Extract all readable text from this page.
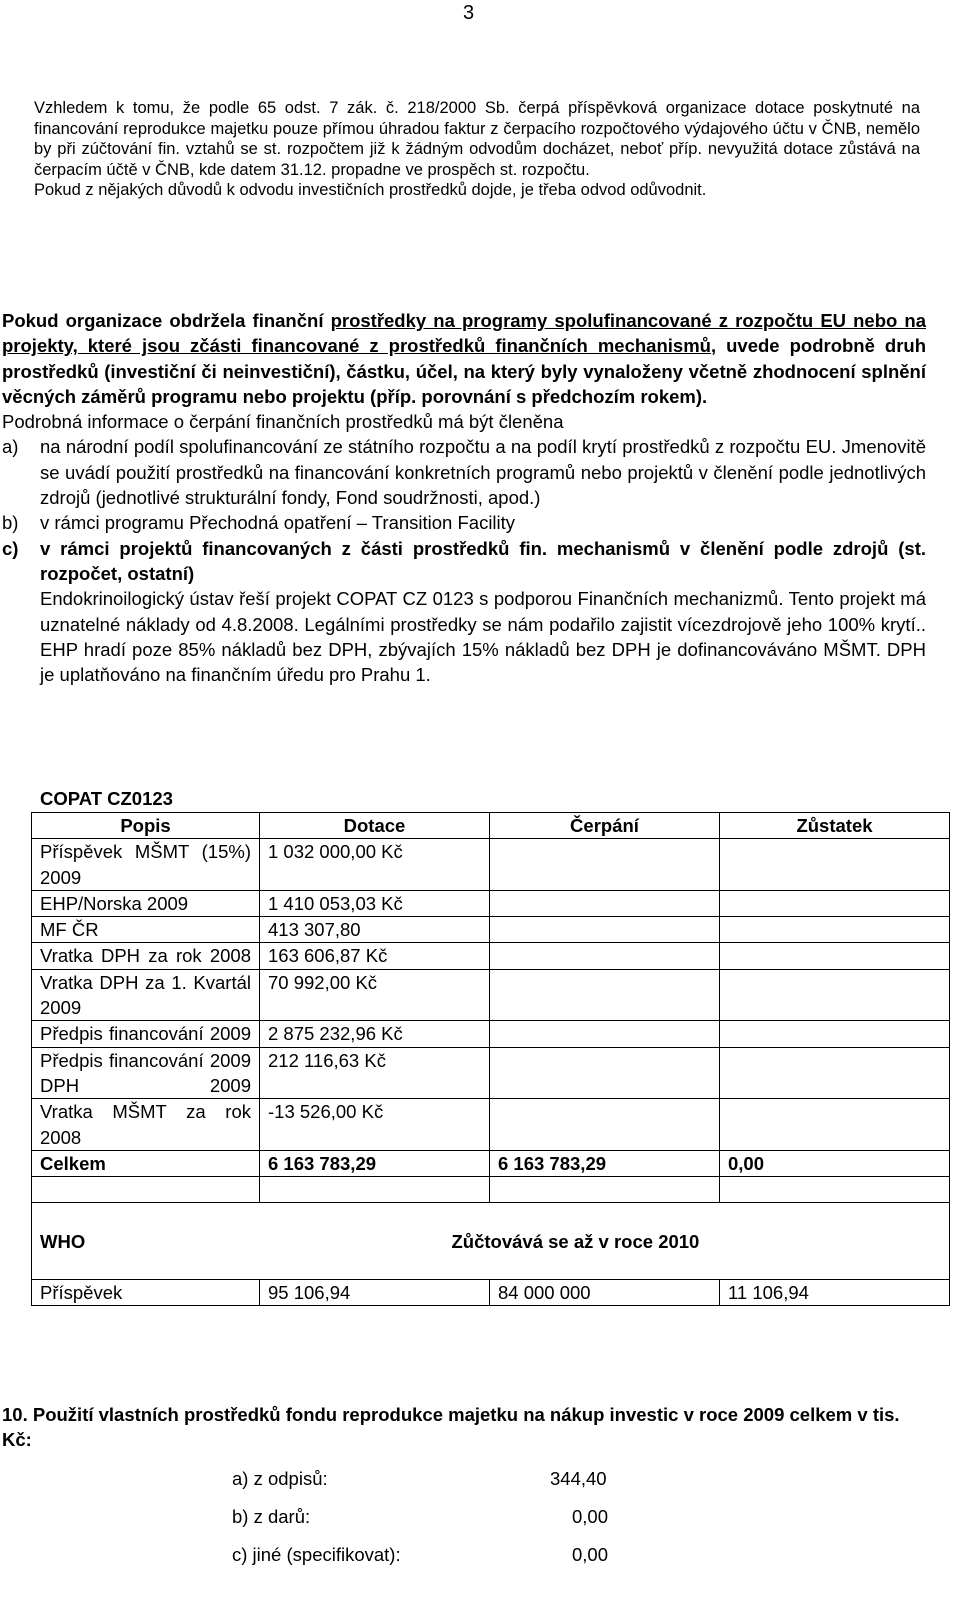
3

Vzhledem k tomu, že podle 65 odst. 7 zák. č. 218/2000 Sb. čerpá příspěvková organizace dotace poskytnuté na financování reprodukce majetku pouze přímou úhradou faktur z čerpacího rozpočtového výdajového účtu v ČNB, nemělo by při zúčtování fin. vztahů se st. rozpočtem již k žádným odvodům docházet, neboť příp. nevyužitá dotace zůstává na čerpacím účtě v ČNB, kde datem 31.12. propadne ve prospěch st. rozpočtu.

Pokud z nějakých důvodů k odvodu investičních prostředků dojde, je třeba odvod odůvodnit.

Pokud organizace obdržela finanční prostředky na programy spolufinancované z rozpočtu EU nebo na projekty, které jsou zčásti financované z prostředků finančních mechanismů, uvede podrobně druh prostředků (investiční či neinvestiční), částku, účel, na který byly vynaloženy včetně zhodnocení splnění věcných záměrů programu nebo projektu (příp. porovnání s předchozím rokem).

Podrobná informace o čerpání finančních prostředků má být členěna

a) na národní podíl spolufinancování ze státního rozpočtu a na podíl krytí prostředků z rozpočtu EU. Jmenovitě se uvádí použití prostředků na financování konkretních programů nebo projektů v členění podle jednotlivých zdrojů (jednotlivé strukturální fondy, Fond soudržnosti, apod.)
b) v rámci programu Přechodná opatření – Transition Facility
c) v rámci projektů financovaných z části prostředků fin. mechanismů v členění podle zdrojů (st. rozpočet, ostatní)
Endokrinoilogický ústav řeší projekt COPAT CZ 0123 s podporou Finančních mechanizmů. Tento projekt má uznatelné náklady od 4.8.2008. Legálními prostředky se nám podařilo zajistit vícezdrojově jeho 100% krytí.. EHP hradí poze 85% nákladů bez DPH, zbývajích 15% nákladů bez DPH je dofinancováváno MŠMT. DPH je uplatňováno na finančním úředu pro Prahu 1.
COPAT CZ0123
Popis	Dotace	Čerpání	Zůstatek
Příspěvek MŠMT (15%) 2009	1 032 000,00 Kč		
EHP/Norska 2009	1 410 053,03 Kč		
MF ČR	413 307,80		
Vratka DPH za rok 2008	163 606,87 Kč		
Vratka DPH za 1. Kvartál 2009	70 992,00 Kč		
Předpis financování 2009	2 875 232,96 Kč		
Předpis financování 2009 DPH 2009	212 116,63 Kč		
Vratka MŠMT za rok 2008	-13 526,00 Kč		
Celkem	6 163 783,29	6 163 783,29	0,00

WHO	Zůčtovává se až v roce 2010		
Příspěvek	95 106,94	84 000 000	11 106,94
10. Použití vlastních prostředků fondu reprodukce majetku na nákup investic v roce 2009 celkem v tis. Kč:
a) z odpisů:	344,40
b) z darů:	0,00
c) jiné (specifikovat):	0,00
